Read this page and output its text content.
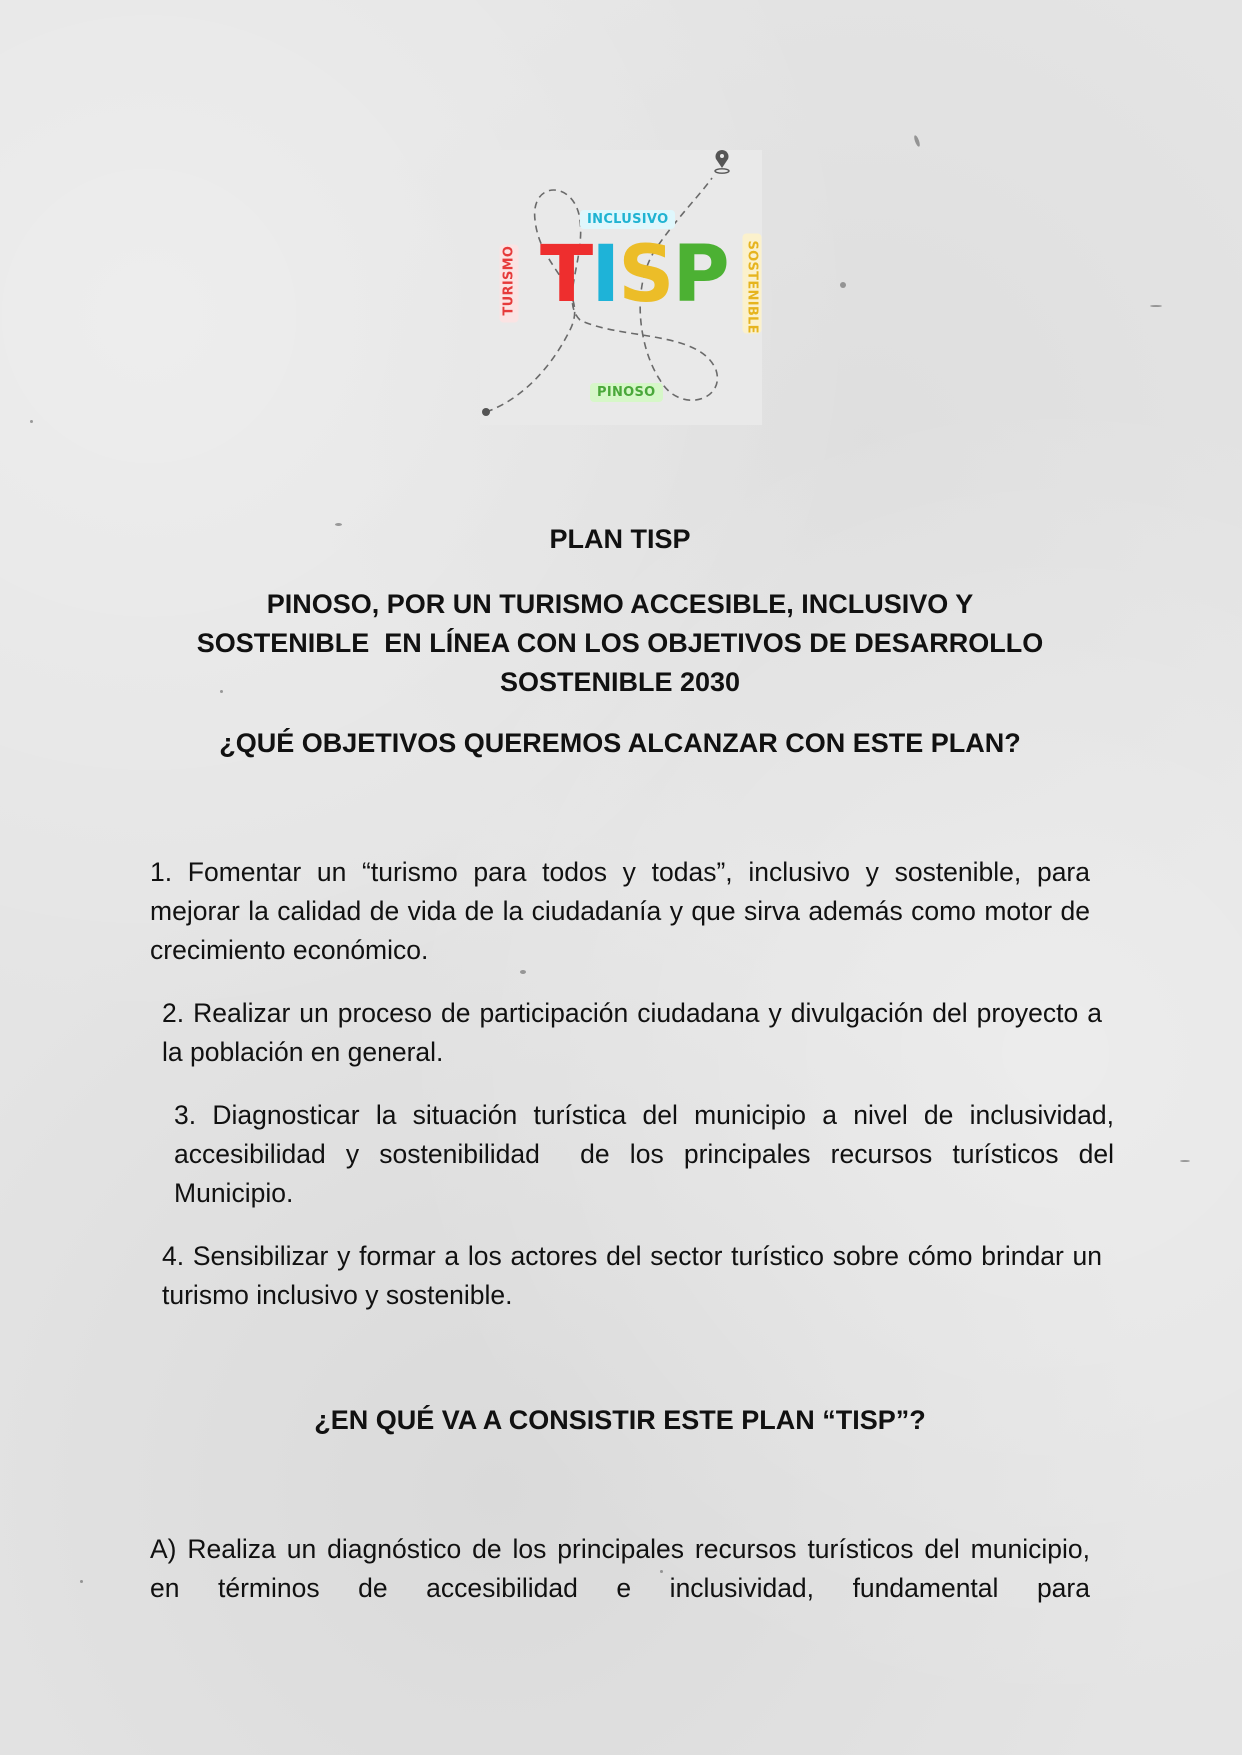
INCLUSIVO
TURISMO	SOSTENIBLE
PINOSO
TISP
PLAN TISP
PINOSO, POR UN TURISMO ACCESIBLE, INCLUSIVO Y
SOSTENIBLE  EN LÍNEA CON LOS OBJETIVOS DE DESARROLLO
SOSTENIBLE 2030
¿QUÉ OBJETIVOS QUEREMOS ALCANZAR CON ESTE PLAN?

1. Fomentar un “turismo para todos y todas”, inclusivo y sostenible, para mejorar la calidad de vida de la ciudadanía y que sirva además como motor de crecimiento económico.

2. Realizar un proceso de participación ciudadana y divulgación del proyecto a la población en general.

3. Diagnosticar la situación turística del municipio a nivel de inclusividad, accesibilidad y sostenibilidad  de los principales recursos turísticos del Municipio.

4. Sensibilizar y formar a los actores del sector turístico sobre cómo brindar un  turismo inclusivo y sostenible.

¿EN QUÉ VA A CONSISTIR ESTE PLAN “TISP”?

A) Realiza un diagnóstico de los principales recursos turísticos del municipio, en términos de accesibilidad e inclusividad, fundamental para
